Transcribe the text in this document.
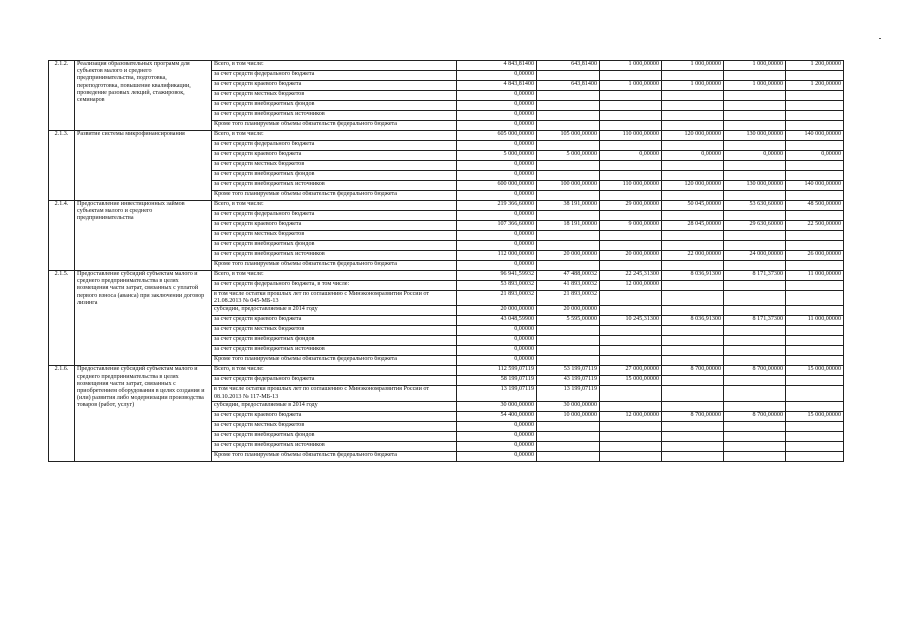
2.1.2.	Реализация образовательных программ для субъектов малого и среднего предпринимательства, подготовка, переподготовка, повышение квалификации, проведение разовых лекций, стажировок, семинаров	Всего, в том числе:	4 843,81400	643,81400	1 000,00000	1 000,00000	1 000,00000	1 200,00000
		за счет средств федерального бюджета	0,00000					
		за счет средств краевого бюджета	4 843,81400	643,81400	1 000,00000	1 000,00000	1 000,00000	1 200,00000
		за счет средств местных бюджетов	0,00000					
		за счет средств внебюджетных фондов	0,00000					
		за счет средств внебюджетных источников	0,00000					
		Кроме того планируемые объемы обязательств федерального бюджета	0,00000					
2.1.3.	Развитие системы микрофинансирования	Всего, в том числе:	605 000,00000	105 000,00000	110 000,00000	120 000,00000	130 000,00000	140 000,00000
		за счет средств федерального бюджета	0,00000					
		за счет средств краевого бюджета	5 000,00000	5 000,00000	0,00000	0,00000	0,00000	0,00000
		за счет средств местных бюджетов	0,00000					
		за счет средств внебюджетных фондов	0,00000					
		за счет средств внебюджетных источников	600 000,00000	100 000,00000	110 000,00000	120 000,00000	130 000,00000	140 000,00000
		Кроме того планируемые объемы обязательств федерального бюджета	0,00000					
2.1.4.	Предоставление инвестиционных займов субъектам малого и среднего предпринимательства	Всего, в том числе:	219 366,60000	38 191,00000	29 000,00000	50 045,00000	53 630,60000	48 500,00000
		за счет средств федерального бюджета	0,00000					
		за счет средств краевого бюджета	107 366,60000	18 191,00000	9 000,00000	28 045,00000	29 630,60000	22 500,00000
		за счет средств местных бюджетов	0,00000					
		за счет средств внебюджетных фондов	0,00000					
		за счет средств внебюджетных источников	112 000,00000	20 000,00000	20 000,00000	22 000,00000	24 000,00000	26 000,00000
		Кроме того планируемые объемы обязательств федерального бюджета	0,00000					
2.1.5.	Предоставление субсидий субъектам малого и среднего предпринимательства в целях возмещения части затрат, связанных с уплатой первого взноса (аванса) при заключении договор лизинга	Всего, в том числе:	96 941,59932	47 488,00032	22 245,31300	8 036,91300	8 171,37300	11 000,00000
		за счет средств федерального бюджета, в том числе:	53 893,00032	41 893,00032	12 000,00000			
		в том числе остатки прошлых лет по соглашению с Минэкономразвития России от 21.08.2013 № 045-МБ-13	21 893,00032	21 893,00032				
		субсидии, предоставляемые в 2014 году	20 000,00000	20 000,00000				
		за счет средств краевого бюджета	43 048,59900	5 595,00000	10 245,31300	8 036,91300	8 171,37300	11 000,00000
		за счет средств местных бюджетов	0,00000					
		за счет средств внебюджетных фондов	0,00000					
		за счет средств внебюджетных источников	0,00000					
		Кроме того планируемые объемы обязательств федерального бюджета	0,00000					
2.1.6.	Предоставление субсидий субъектам малого и среднего предпринимательства в целях возмещения части затрат, связанных с приобретением оборудования в целях создания и (или) развития либо модернизации производства товаров (работ, услуг)	Всего, в том числе:	112 599,07119	53 199,07119	27 000,00000	8 700,00000	8 700,00000	15 000,00000
		за счет средств федерального бюджета	58 199,07119	43 199,07119	15 000,00000			
		в том числе остатки прошлых лет по соглашению с Минэкономразвития России от 08.10.2013 № 117-МБ-13	13 199,07119	13 199,07119				
		субсидии, предоставляемые в 2014 году	30 000,00000	30 000,00000				
		за счет средств краевого бюджета	54 400,00000	10 000,00000	12 000,00000	8 700,00000	8 700,00000	15 000,00000
		за счет средств местных бюджетов	0,00000					
		за счет средств внебюджетных фондов	0,00000					
		за счет средств внебюджетных источников	0,00000					
		Кроме того планируемые объемы обязательств федерального бюджета	0,00000					
